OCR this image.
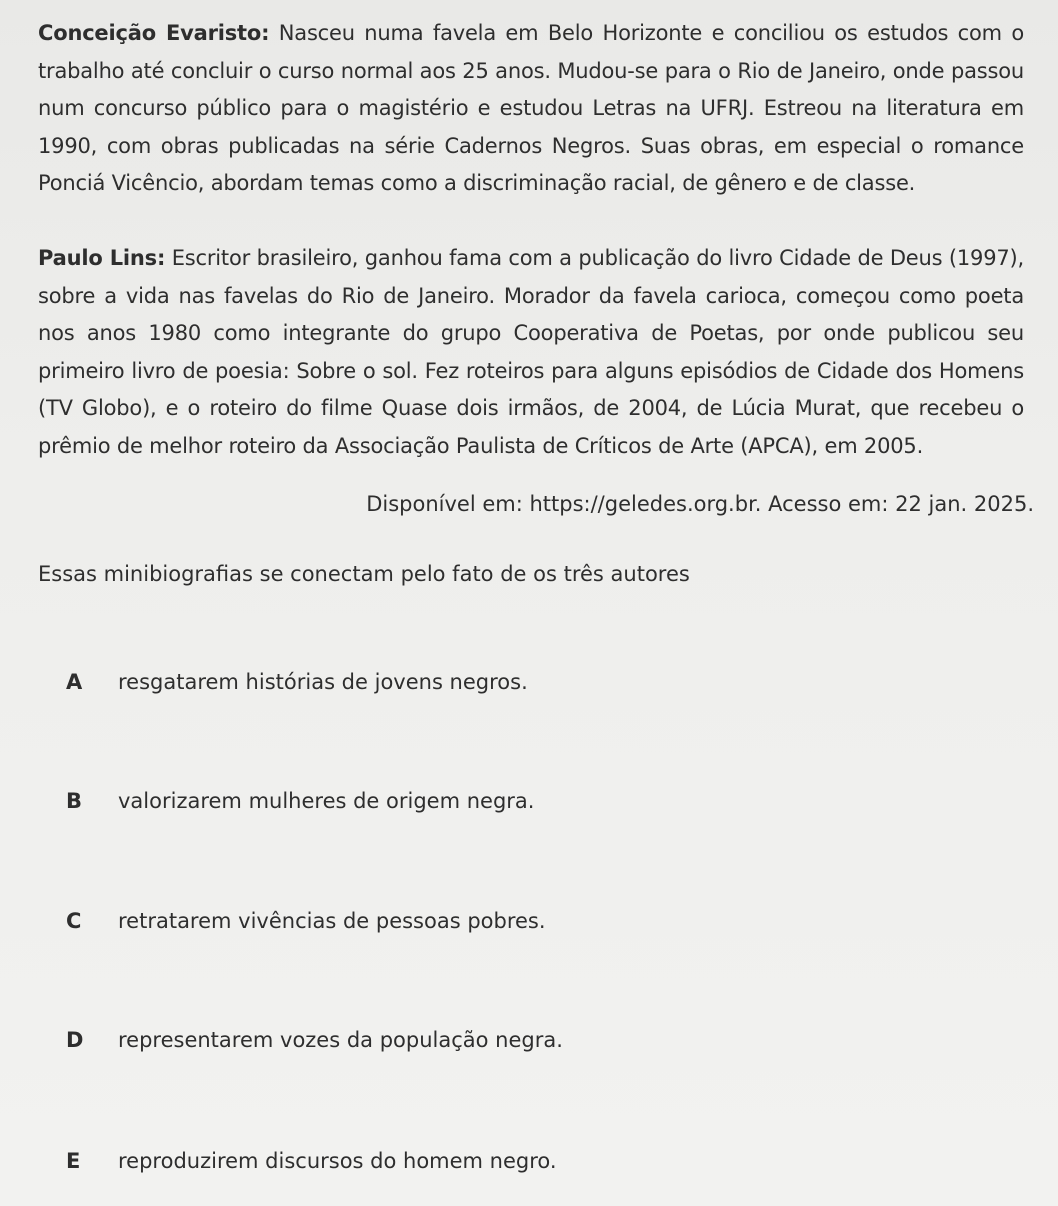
Conceição Evaristo: Nasceu numa favela em Belo Horizonte e conciliou os estudos com o trabalho até concluir o curso normal aos 25 anos. Mudou-se para o Rio de Janeiro, onde passou num concurso público para o magistério e estudou Letras na UFRJ. Estreou na literatura em 1990, com obras publicadas na série Cadernos Negros. Suas obras, em especial o romance Ponciá Vicêncio, abordam temas como a discriminação racial, de gênero e de classe.

Paulo Lins: Escritor brasileiro, ganhou fama com a publicação do livro Cidade de Deus (1997), sobre a vida nas favelas do Rio de Janeiro. Morador da favela carioca, começou como poeta nos anos 1980 como integrante do grupo Cooperativa de Poetas, por onde publicou seu primeiro livro de poesia: Sobre o sol. Fez roteiros para alguns episódios de Cidade dos Homens (TV Globo), e o roteiro do filme Quase dois irmãos, de 2004, de Lúcia Murat, que recebeu o prêmio de melhor roteiro da Associação Paulista de Críticos de Arte (APCA), em 2005.

Disponível em: https://geledes.org.br. Acesso em: 22 jan. 2025.
Essas minibiografias se conectam pelo fato de os três autores
A	resgatarem histórias de jovens negros.
B	valorizarem mulheres de origem negra.
C	retratarem vivências de pessoas pobres.
D	representarem vozes da população negra.
E	reproduzirem discursos do homem negro.
